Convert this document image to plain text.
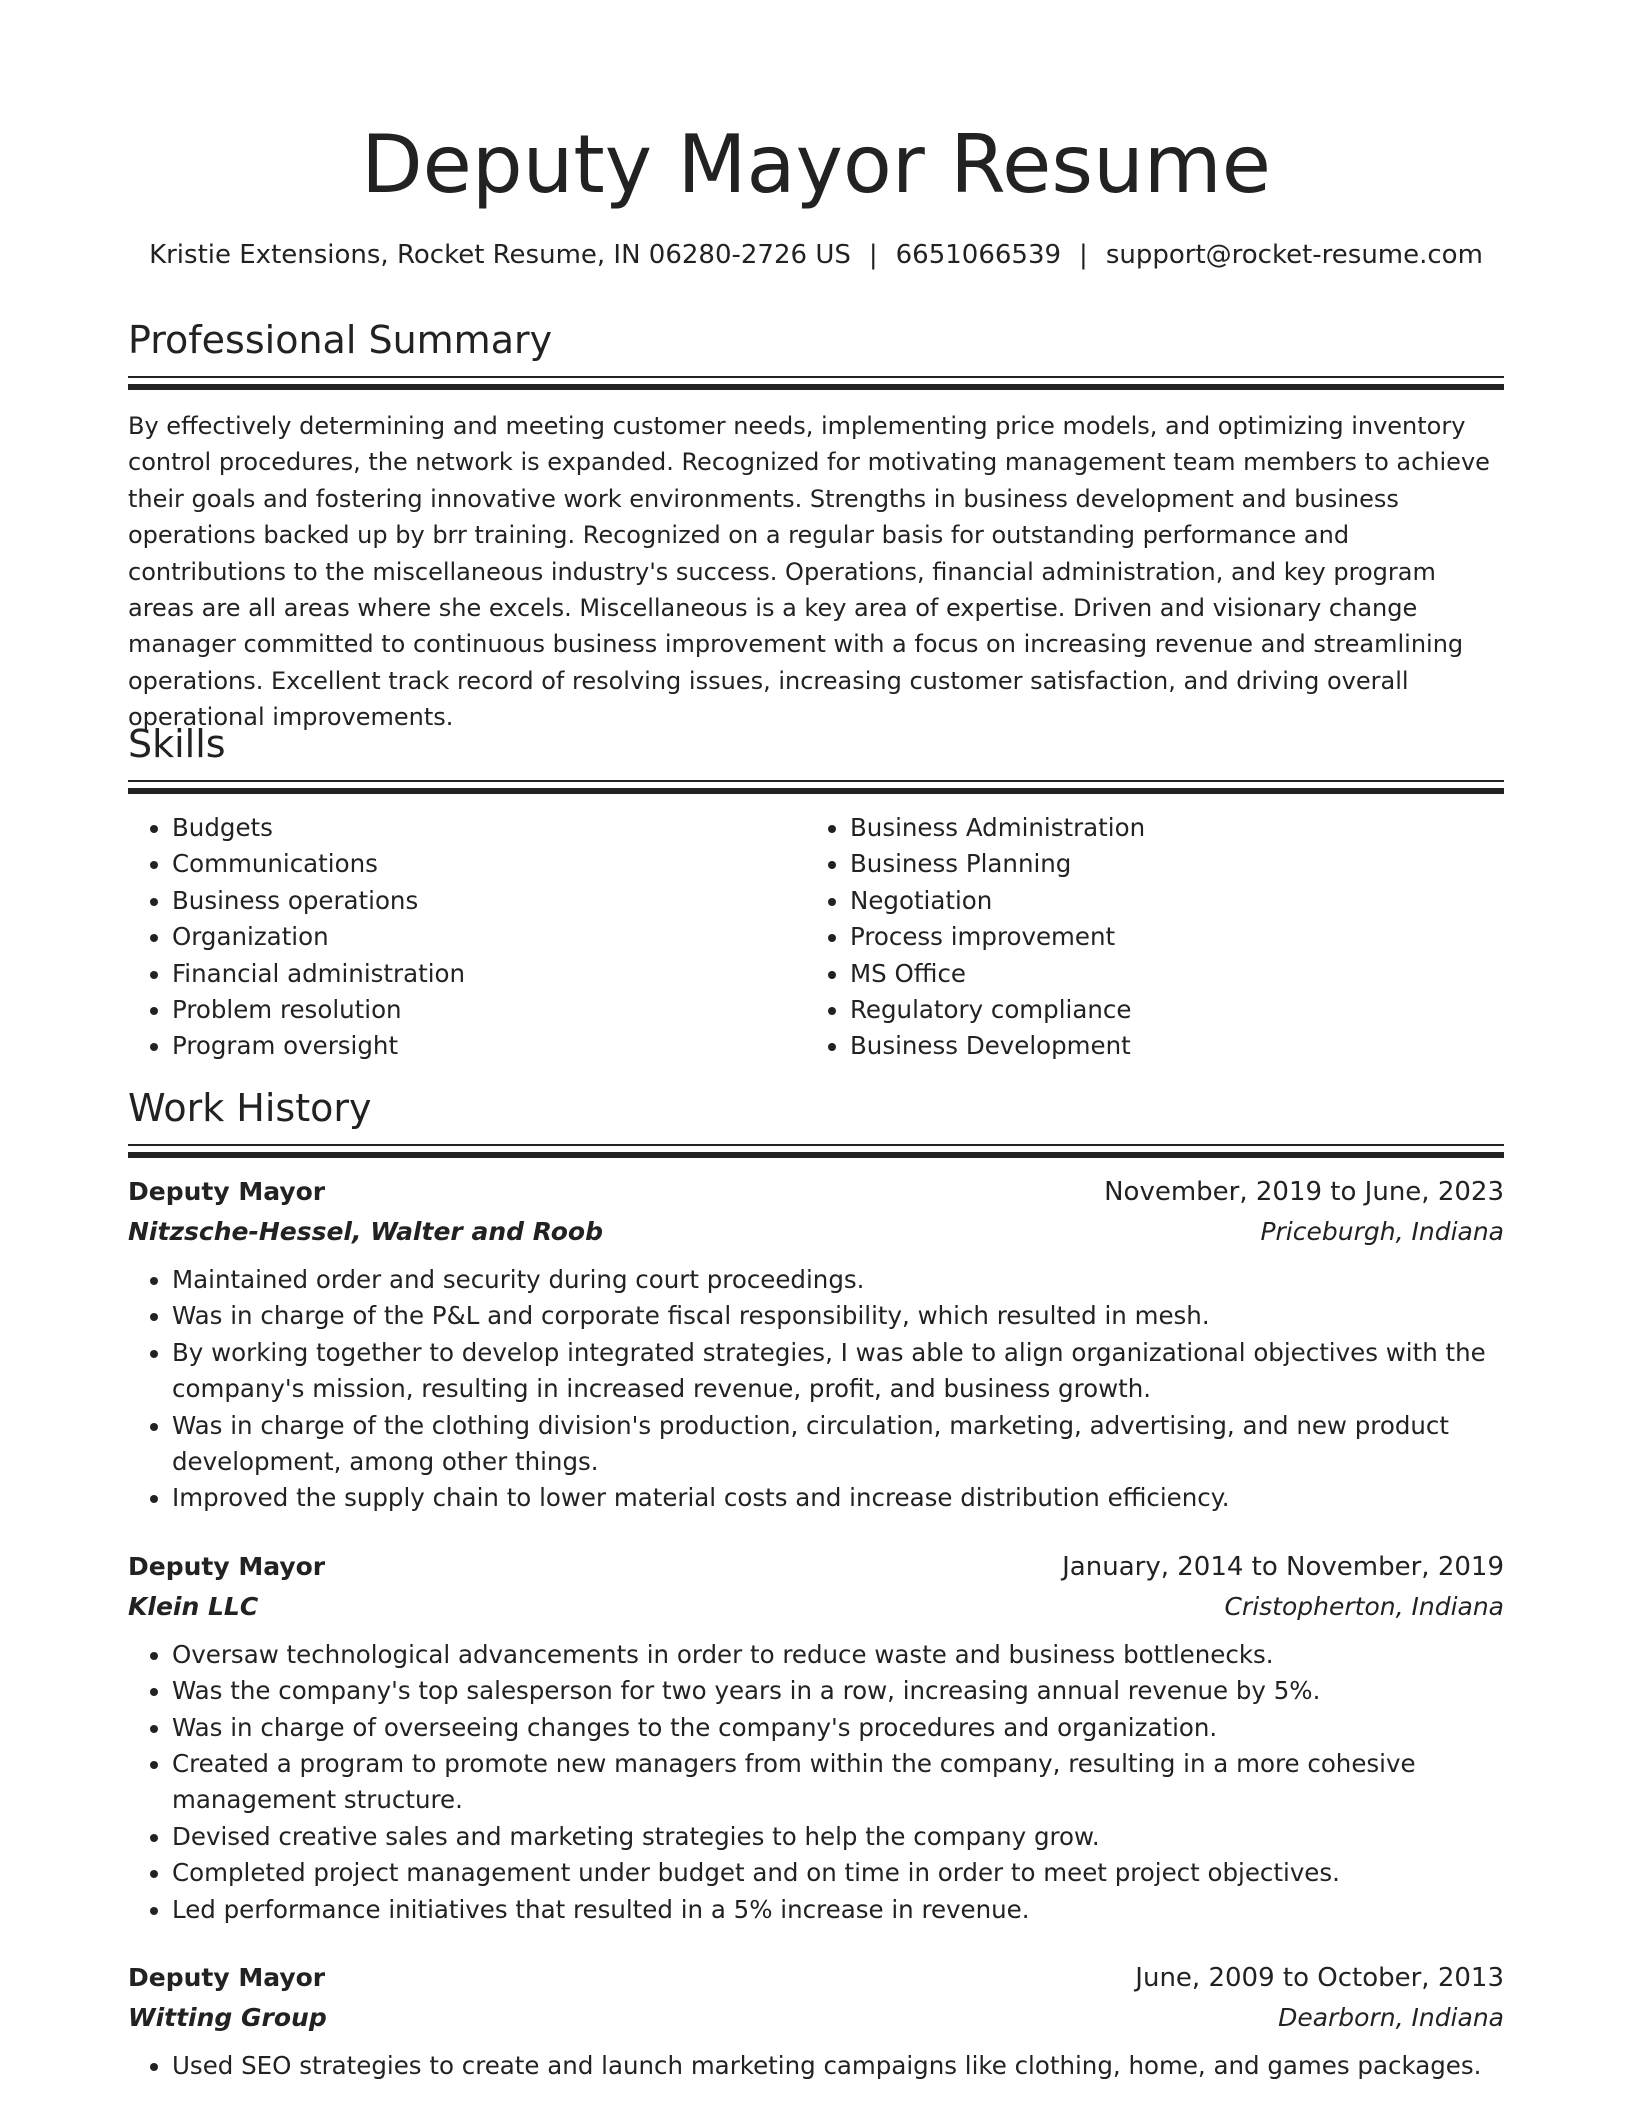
Deputy Mayor Resume
Kristie Extensions, Rocket Resume, IN 06280-2726 US | 6651066539 | support@rocket-resume.com
Professional Summary
By effectively determining and meeting customer needs, implementing price models, and optimizing inventory control procedures, the network is expanded. Recognized for motivating management team members to achieve their goals and fostering innovative work environments. Strengths in business development and business operations backed up by brr training. Recognized on a regular basis for outstanding performance and contributions to the miscellaneous industry's success. Operations, financial administration, and key program areas are all areas where she excels. Miscellaneous is a key area of expertise. Driven and visionary change manager committed to continuous business improvement with a focus on increasing revenue and streamlining operations. Excellent track record of resolving issues, increasing customer satisfaction, and driving overall operational improvements.
Skills
• Budgets
• Communications
• Business operations
• Organization
• Financial administration
• Problem resolution
• Program oversight
• Business Administration
• Business Planning
• Negotiation
• Process improvement
• MS Office
• Regulatory compliance
• Business Development
Work History
Deputy Mayor	November, 2019 to June, 2023
Nitzsche-Hessel, Walter and Roob	Priceburgh, Indiana
• Maintained order and security during court proceedings.
• Was in charge of the P&L and corporate fiscal responsibility, which resulted in mesh.
• By working together to develop integrated strategies, I was able to align organizational objectives with the company's mission, resulting in increased revenue, profit, and business growth.
• Was in charge of the clothing division's production, circulation, marketing, advertising, and new product development, among other things.
• Improved the supply chain to lower material costs and increase distribution efficiency.
Deputy Mayor	January, 2014 to November, 2019
Klein LLC	Cristopherton, Indiana
• Oversaw technological advancements in order to reduce waste and business bottlenecks.
• Was the company's top salesperson for two years in a row, increasing annual revenue by 5%.
• Was in charge of overseeing changes to the company's procedures and organization.
• Created a program to promote new managers from within the company, resulting in a more cohesive management structure.
• Devised creative sales and marketing strategies to help the company grow.
• Completed project management under budget and on time in order to meet project objectives.
• Led performance initiatives that resulted in a 5% increase in revenue.
Deputy Mayor	June, 2009 to October, 2013
Witting Group	Dearborn, Indiana
• Used SEO strategies to create and launch marketing campaigns like clothing, home, and games packages.
